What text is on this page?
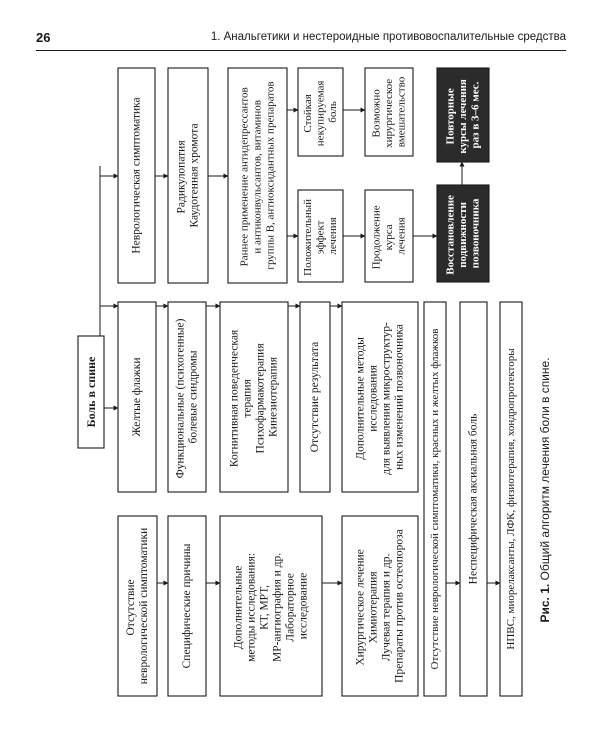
26	1. Анальгетики и нестероидные противовоспалительные средства
Боль в спине
Неврологическая симптоматика
Желтые флажки
Отсутствие неврологической симптоматики
Радикулопатия Каудогенная хромота	Раннее применение антидепрессантов и антиконвульсантов, витаминов группы В, антиоксидантных препаратов Стойкая некупируемая боль
Положительный эффект лечения
Возможно хирургическое вмешательство
Продолжение курса лечения
Повторные курсы лечения раз в 3–6 мес.
Восстановление подвижности позвоночника
Функциональные (психогенные) болевые синдромы	Когнитивная поведенческая терапия Психофармакотерапия Кинезиотерапия	Отсутствие результата	Дополнительные методы исследования для выявления микроструктур- ных изменений позвоночника
Специфические причины	Дополнительные методы исследования: КТ, МРТ, МР-ангиография и др. Лабораторное исследование	Хирургическое лечение Химиотерапия Лучевая терапия и др. Препараты против остеопороза Отсутствие неврологической симптоматики, красных и желтых флажков Неспецифическая аксиальная боль НПВС, миорелаксанты, ЛФК, физиотерапия, хондропротекторы Рис. 1. Общий алгоритм лечения боли в спине.
